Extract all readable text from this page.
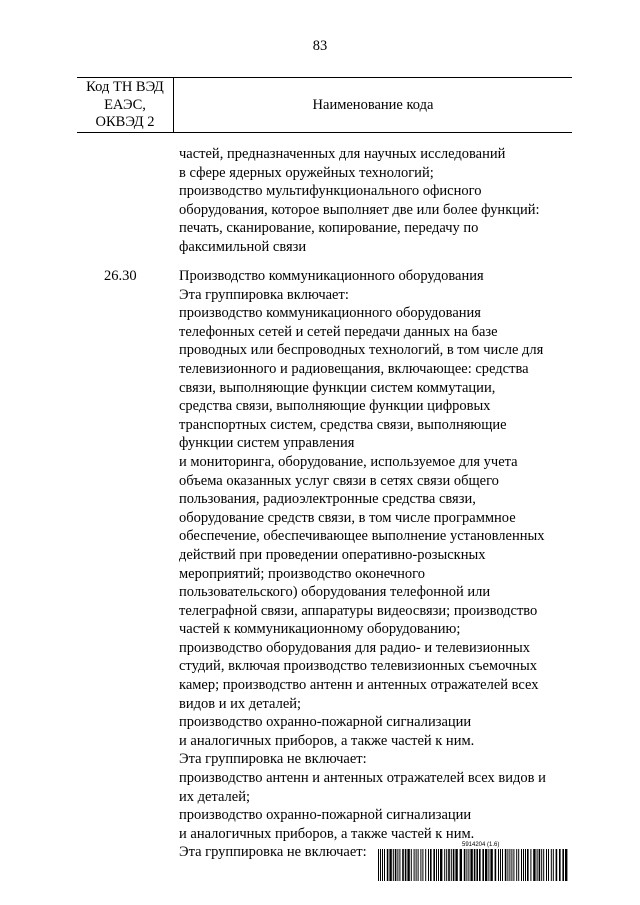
83
Код ТН ВЭД
ЕАЭС,
ОКВЭД 2
Наименование кода
частей, предназначенных для научных исследований
в сфере ядерных оружейных технологий;
производство мультифункционального офисного
оборудования, которое выполняет две или более функций:
печать, сканирование, копирование, передачу по
факсимильной связи
26.30	Производство коммуникационного оборудования
Эта группировка включает:
производство коммуникационного оборудования
телефонных сетей и сетей передачи данных на базе
проводных или беспроводных технологий, в том числе для
телевизионного и радиовещания, включающее: средства
связи, выполняющие функции систем коммутации,
средства связи, выполняющие функции цифровых
транспортных систем, средства связи, выполняющие
функции систем управления
и мониторинга, оборудование, используемое для учета
объема оказанных услуг связи в сетях связи общего
пользования, радиоэлектронные средства связи,
оборудование средств связи, в том числе программное
обеспечение, обеспечивающее выполнение установленных
действий при проведении оперативно-розыскных
мероприятий; производство оконечного
пользовательского) оборудования телефонной или
телеграфной связи, аппаратуры видеосвязи; производство
частей к коммуникационному оборудованию;
производство оборудования для радио- и телевизионных
студий, включая производство телевизионных съемочных
камер; производство антенн и антенных отражателей всех
видов и их деталей;
производство охранно-пожарной сигнализации
и аналогичных приборов, а также частей к ним.
Эта группировка не включает:
производство антенн и антенных отражателей всех видов и
их деталей;
производство охранно-пожарной сигнализации
и аналогичных приборов, а также частей к ним.
Эта группировка не включает:	5914204 (1.6)
